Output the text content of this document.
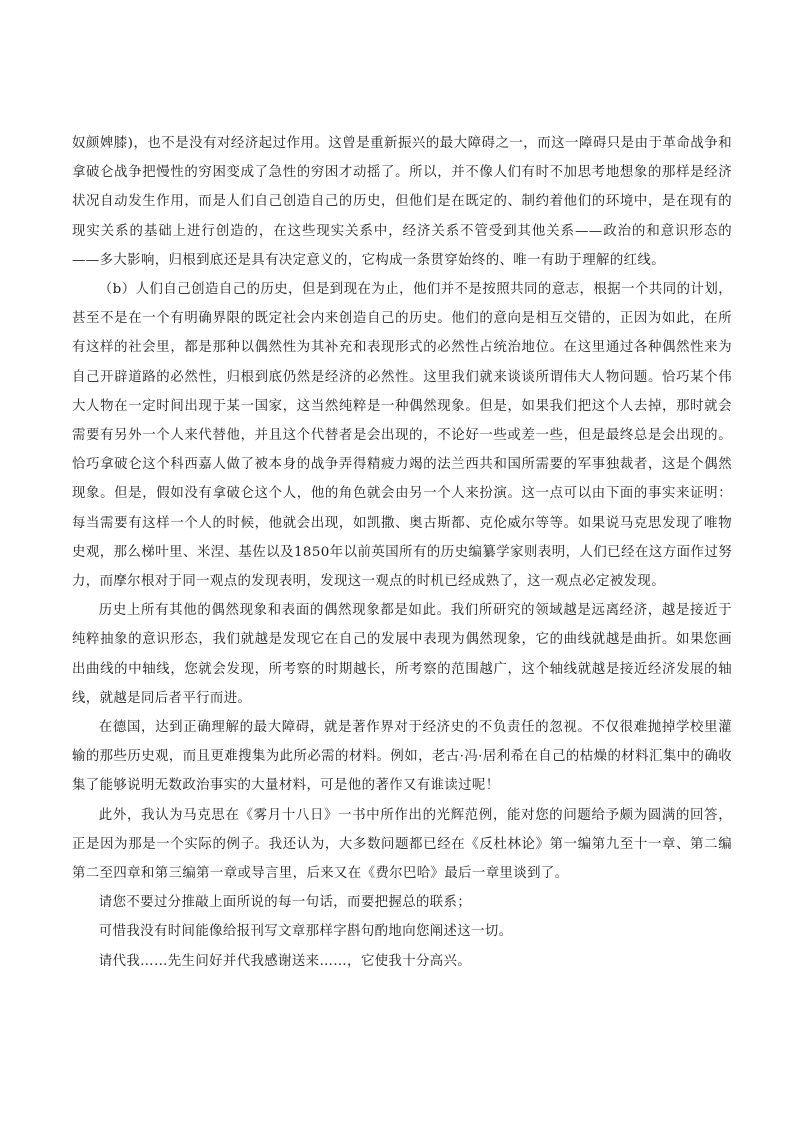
奴颜婢膝)，也不是没有对经济起过作用。这曾是重新振兴的最大障碍之一，而这一障碍只是由于革命战争和拿破仑战争把慢性的穷困变成了急性的穷困才动摇了。所以，并不像人们有时不加思考地想象的那样是经济状况自动发生作用，而是人们自己创造自己的历史，但他们是在既定的、制约着他们的环境中，是在现有的现实关系的基础上进行创造的，在这些现实关系中，经济关系不管受到其他关系——政治的和意识形态的——多大影响，归根到底还是具有决定意义的，它构成一条贯穿始终的、唯一有助于理解的红线。

（b）人们自己创造自己的历史，但是到现在为止，他们并不是按照共同的意志，根据一个共同的计划，甚至不是在一个有明确界限的既定社会内来创造自己的历史。他们的意向是相互交错的，正因为如此，在所有这样的社会里，都是那种以偶然性为其补充和表现形式的必然性占统治地位。在这里通过各种偶然性来为自己开辟道路的必然性，归根到底仍然是经济的必然性。这里我们就来谈谈所谓伟大人物问题。恰巧某个伟大人物在一定时间出现于某一国家，这当然纯粹是一种偶然现象。但是，如果我们把这个人去掉，那时就会需要有另外一个人来代替他，并且这个代替者是会出现的，不论好一些或差一些，但是最终总是会出现的。恰巧拿破仑这个科西嘉人做了被本身的战争弄得精疲力竭的法兰西共和国所需要的军事独裁者，这是个偶然现象。但是，假如没有拿破仑这个人，他的角色就会由另一个人来扮演。这一点可以由下面的事实来证明：每当需要有这样一个人的时候，他就会出现，如凯撒、奥古斯都、克伦威尔等等。如果说马克思发现了唯物史观，那么梯叶里、米涅、基佐以及1850年以前英国所有的历史编纂学家则表明，人们已经在这方面作过努力，而摩尔根对于同一观点的发现表明，发现这一观点的时机已经成熟了，这一观点必定被发现。

历史上所有其他的偶然现象和表面的偶然现象都是如此。我们所研究的领域越是远离经济，越是接近于纯粹抽象的意识形态，我们就越是发现它在自己的发展中表现为偶然现象，它的曲线就越是曲折。如果您画出曲线的中轴线，您就会发现，所考察的时期越长，所考察的范围越广，这个轴线就越是接近经济发展的轴线，就越是同后者平行而进。

在德国，达到正确理解的最大障碍，就是著作界对于经济史的不负责任的忽视。不仅很难抛掉学校里灌输的那些历史观，而且更难搜集为此所必需的材料。例如，老古·冯·居利希在自己的枯燥的材料汇集中的确收集了能够说明无数政治事实的大量材料，可是他的著作又有谁读过呢！

此外，我认为马克思在《雾月十八日》一书中所作出的光辉范例，能对您的问题给予颇为圆满的回答，正是因为那是一个实际的例子。我还认为，大多数问题都已经在《反杜林论》第一编第九至十一章、第二编第二至四章和第三编第一章或导言里，后来又在《费尔巴哈》最后一章里谈到了。

请您不要过分推敲上面所说的每一句话，而要把握总的联系；

可惜我没有时间能像给报刊写文章那样字斟句酌地向您阐述这一切。

请代我……先生问好并代我感谢送来……，它使我十分高兴。
